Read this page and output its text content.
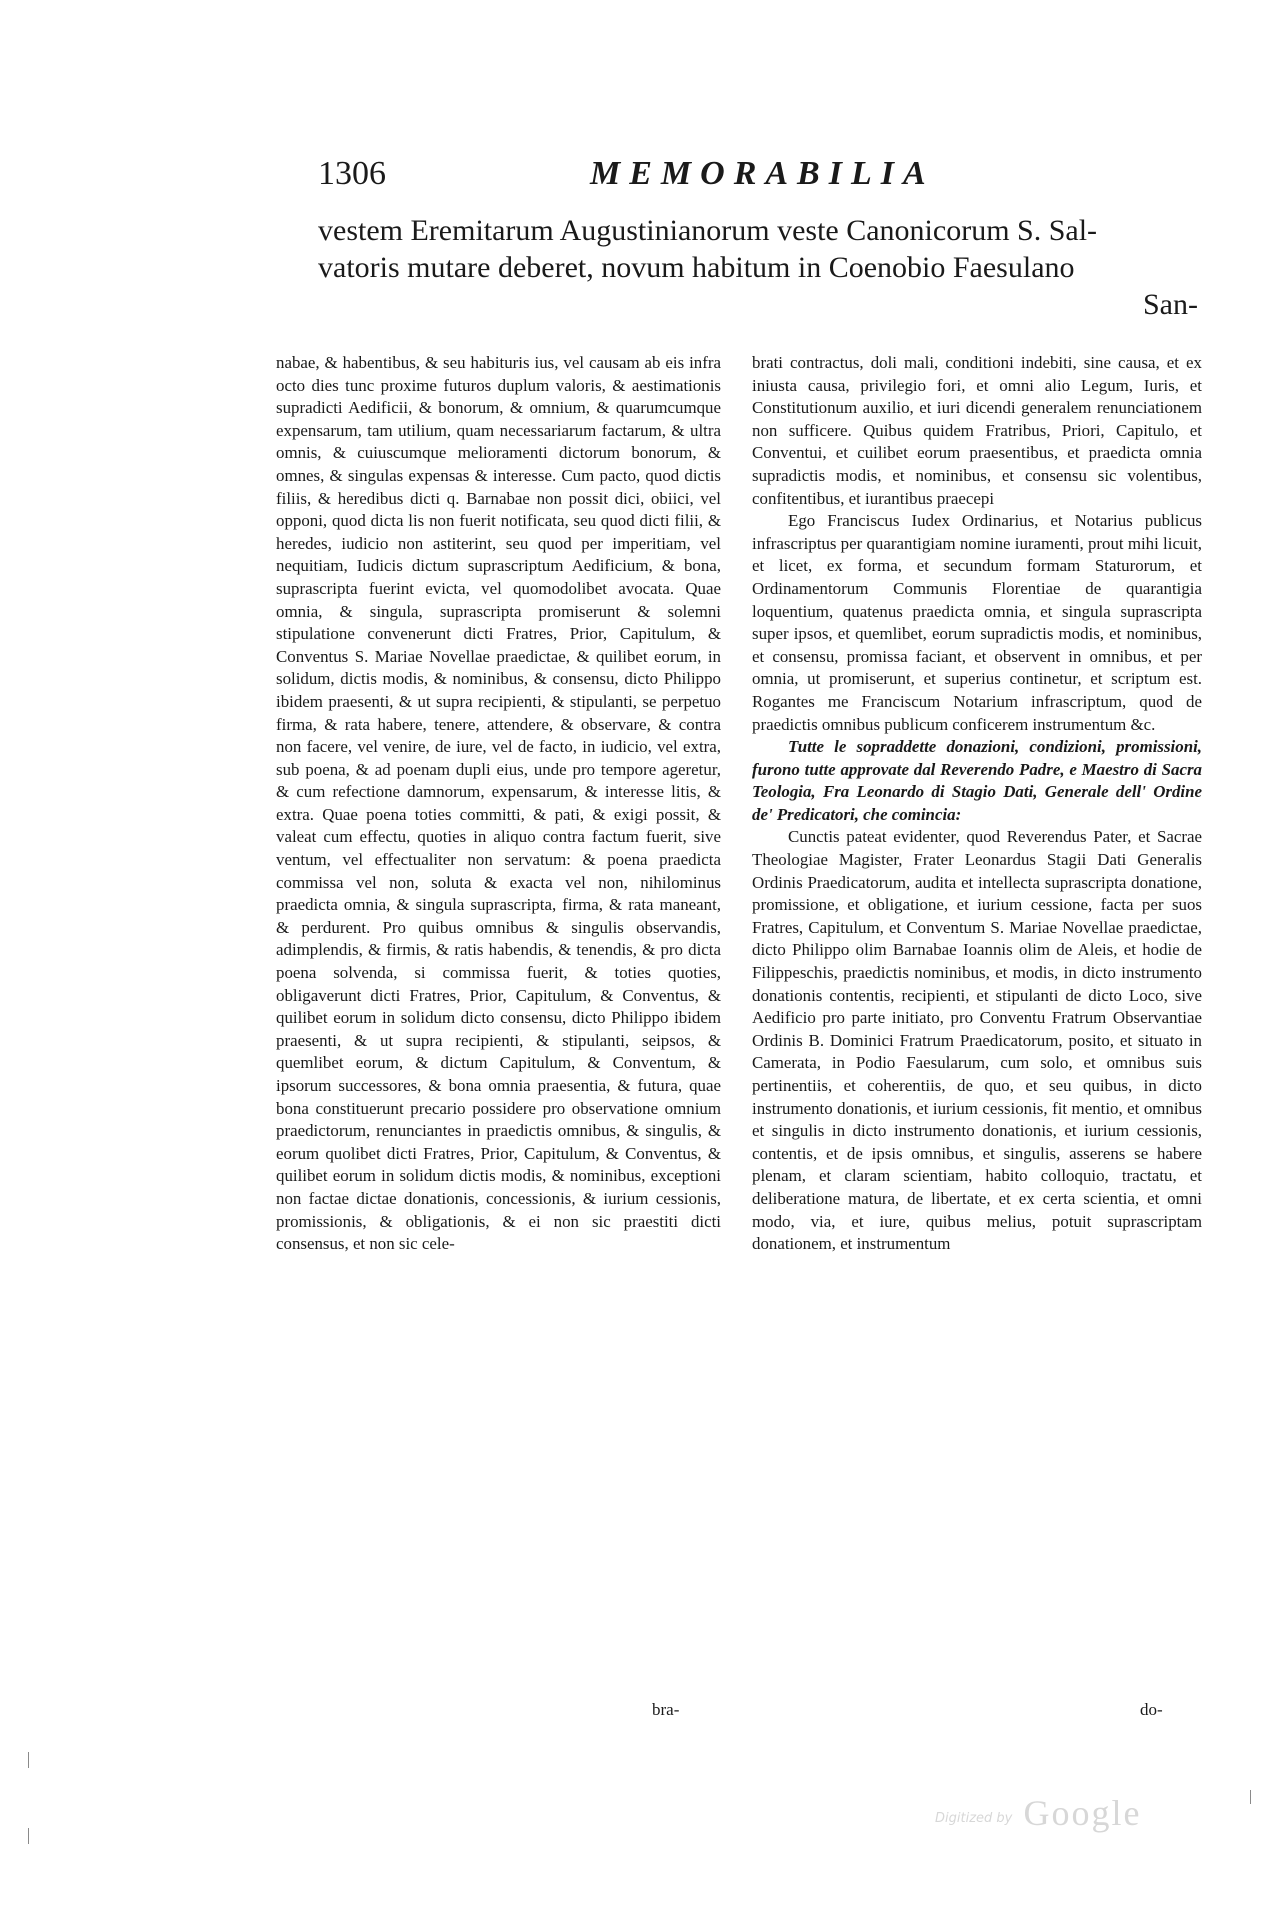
1306	MEMORABILIA
vestem Eremitarum Augustinianorum veste Canonicorum S. Sal-
vatoris mutare deberet, novum habitum in Coenobio Faesulano
San-

nabae, & habentibus, & seu habituris ius, vel causam ab eis infra octo dies tunc proxime futuros duplum valoris, & aestimationis supradicti Aedificii, & bonorum, & omnium, & quarumcumque expensarum, tam utilium, quam necessariarum factarum, & ultra omnis, & cuiuscumque melioramenti dictorum bonorum, & omnes, & singulas expensas & interesse. Cum pacto, quod dictis filiis, & heredibus dicti q. Barnabae non possit dici, obiici, vel opponi, quod dicta lis non fuerit notificata, seu quod dicti filii, & heredes, iudicio non astiterint, seu quod per imperitiam, vel nequitiam, Iudicis dictum suprascriptum Aedificium, & bona, suprascripta fuerint evicta, vel quomodolibet avocata. Quae omnia, & singula, suprascripta promiserunt & solemni stipulatione convenerunt dicti Fratres, Prior, Capitulum, & Conventus S. Mariae Novellae praedictae, & quilibet eorum, in solidum, dictis modis, & nominibus, & consensu, dicto Philippo ibidem praesenti, & ut supra recipienti, & stipulanti, se perpetuo firma, & rata habere, tenere, attendere, & observare, & contra non facere, vel venire, de iure, vel de facto, in iudicio, vel extra, sub poena, & ad poenam dupli eius, unde pro tempore ageretur, & cum refectione damnorum, expensarum, & interesse litis, & extra. Quae poena toties committi, & pati, & exigi possit, & valeat cum effectu, quoties in aliquo contra factum fuerit, sive ventum, vel effectualiter non servatum: & poena praedicta commissa vel non, soluta & exacta vel non, nihilominus praedicta omnia, & singula suprascripta, firma, & rata maneant, & perdurent. Pro quibus omnibus & singulis observandis, adimplendis, & firmis, & ratis habendis, & tenendis, & pro dicta poena solvenda, si commissa fuerit, & toties quoties, obligaverunt dicti Fratres, Prior, Capitulum, & Conventus, & quilibet eorum in solidum dicto consensu, dicto Philippo ibidem praesenti, & ut supra recipienti, & stipulanti, seipsos, & quemlibet eorum, & dictum Capitulum, & Conventum, & ipsorum successores, & bona omnia praesentia, & futura, quae bona constituerunt precario possidere pro observatione omnium praedictorum, renunciantes in praedictis omnibus, & singulis, & eorum quolibet dicti Fratres, Prior, Capitulum, & Conventus, & quilibet eorum in solidum dictis modis, & nominibus, exceptioni non factae dictae donationis, concessionis, & iurium cessionis, promissionis, & obligationis, & ei non sic praestiti dicti consensus, et non sic cele-

bra-

brati contractus, doli mali, conditioni indebiti, sine causa, et ex iniusta causa, privilegio fori, et omni alio Legum, Iuris, et Constitutionum auxilio, et iuri dicendi generalem renunciationem non sufficere. Quibus quidem Fratribus, Priori, Capitulo, et Conventui, et cuilibet eorum praesentibus, et praedicta omnia supradictis modis, et nominibus, et consensu sic volentibus, confitentibus, et iurantibus praecepi

Ego Franciscus Iudex Ordinarius, et Notarius publicus infrascriptus per quarantigiam nomine iuramenti, prout mihi licuit, et licet, ex forma, et secundum formam Staturorum, et Ordinamentorum Communis Florentiae de quarantigia loquentium, quatenus praedicta omnia, et singula suprascripta super ipsos, et quemlibet, eorum supradictis modis, et nominibus, et consensu, promissa faciant, et observent in omnibus, et per omnia, ut promiserunt, et superius continetur, et scriptum est. Rogantes me Franciscum Notarium infrascriptum, quod de praedictis omnibus publicum conficerem instrumentum &c.

Tutte le sopraddette donazioni, condizioni, promissioni, furono tutte approvate dal Reverendo Padre, e Maestro di Sacra Teologia, Fra Leonardo di Stagio Dati, Generale dell' Ordine de' Predicatori, che comincia:

Cunctis pateat evidenter, quod Reverendus Pater, et Sacrae Theologiae Magister, Frater Leonardus Stagii Dati Generalis Ordinis Praedicatorum, audita et intellecta suprascripta donatione, promissione, et obligatione, et iurium cessione, facta per suos Fratres, Capitulum, et Conventum S. Mariae Novellae praedictae, dicto Philippo olim Barnabae Ioannis olim de Aleis, et hodie de Filippeschis, praedictis nominibus, et modis, in dicto instrumento donationis contentis, recipienti, et stipulanti de dicto Loco, sive Aedificio pro parte initiato, pro Conventu Fratrum Observantiae Ordinis B. Dominici Fratrum Praedicatorum, posito, et situato in Camerata, in Podio Faesularum, cum solo, et omnibus suis pertinentiis, et coherentiis, de quo, et seu quibus, in dicto instrumento donationis, et iurium cessionis, fit mentio, et omnibus et singulis in dicto instrumento donationis, et iurium cessionis, contentis, et de ipsis omnibus, et singulis, asserens se habere plenam, et claram scientiam, habito colloquio, tractatu, et deliberatione matura, de libertate, et ex certa scientia, et omni modo, via, et iure, quibus melius, potuit suprascriptam donationem, et instrumentum

do-
Digitized by Google
